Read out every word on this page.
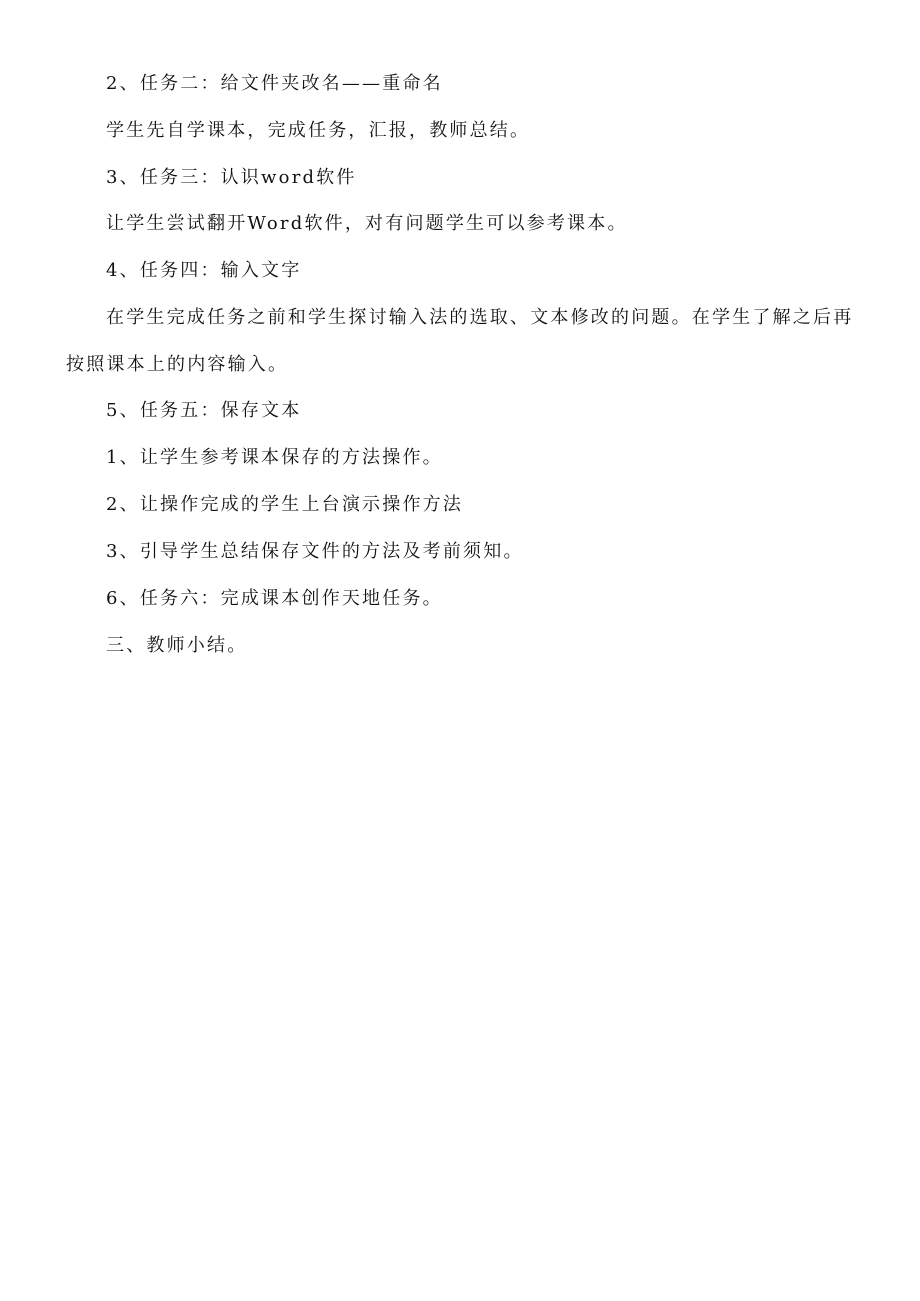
2、任务二：给文件夹改名——重命名
学生先自学课本，完成任务，汇报，教师总结。
3、任务三：认识word软件
让学生尝试翻开Word软件，对有问题学生可以参考课本。
4、任务四：输入文字
在学生完成任务之前和学生探讨输入法的选取、文本修改的问题。在学生了解之后再
按照课本上的内容输入。
5、任务五：保存文本
1、让学生参考课本保存的方法操作。
2、让操作完成的学生上台演示操作方法
3、引导学生总结保存文件的方法及考前须知。
6、任务六：完成课本创作天地任务。
三、教师小结。
